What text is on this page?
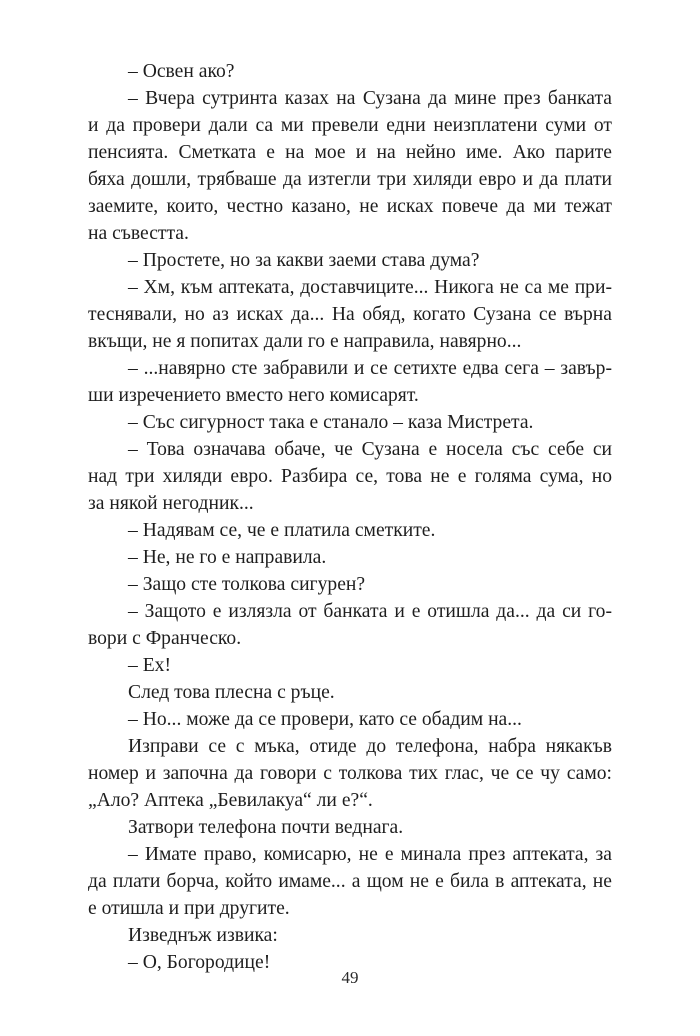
– Освен ако?
– Вчера сутринта казах на Сузана да мине през банката
и да провери дали са ми превели едни неизплатени суми от
пенсията. Сметката е на мое и на нейно име. Ако парите
бяха дошли, трябваше да изтегли три хиляди евро и да плати
заемите, които, честно казано, не исках повече да ми тежат
на съвестта.
– Простете, но за какви заеми става дума?
– Хм, към аптеката, доставчиците... Никога не са ме при-
теснявали, но аз исках да... На обяд, когато Сузана се върна
вкъщи, не я попитах дали го е направила, навярно...
– ...навярно сте забравили и се сетихте едва сега – завър-
ши изречението вместо него комисарят.
– Със сигурност така е станало – каза Мистрета.
– Това означава обаче, че Сузана е носела със себе си
над три хиляди евро. Разбира се, това не е голяма сума, но
за някой негодник...
– Надявам се, че е платила сметките.
– Не, не го е направила.
– Защо сте толкова сигурен?
– Защото е излязла от банката и е отишла да... да си го-
вори с Франческо.
– Ех!
След това плесна с ръце.
– Но... може да се провери, като се обадим на...
Изправи се с мъка, отиде до телефона, набра някакъв
номер и започна да говори с толкова тих глас, че се чу само:
„Ало? Аптека „Бевилакуа“ ли е?“.
Затвори телефона почти веднага.
– Имате право, комисарю, не е минала през аптеката, за
да плати борча, който имаме... а щом не е била в аптеката, не
е отишла и при другите.
Изведнъж извика:
– О, Богородице!
49
